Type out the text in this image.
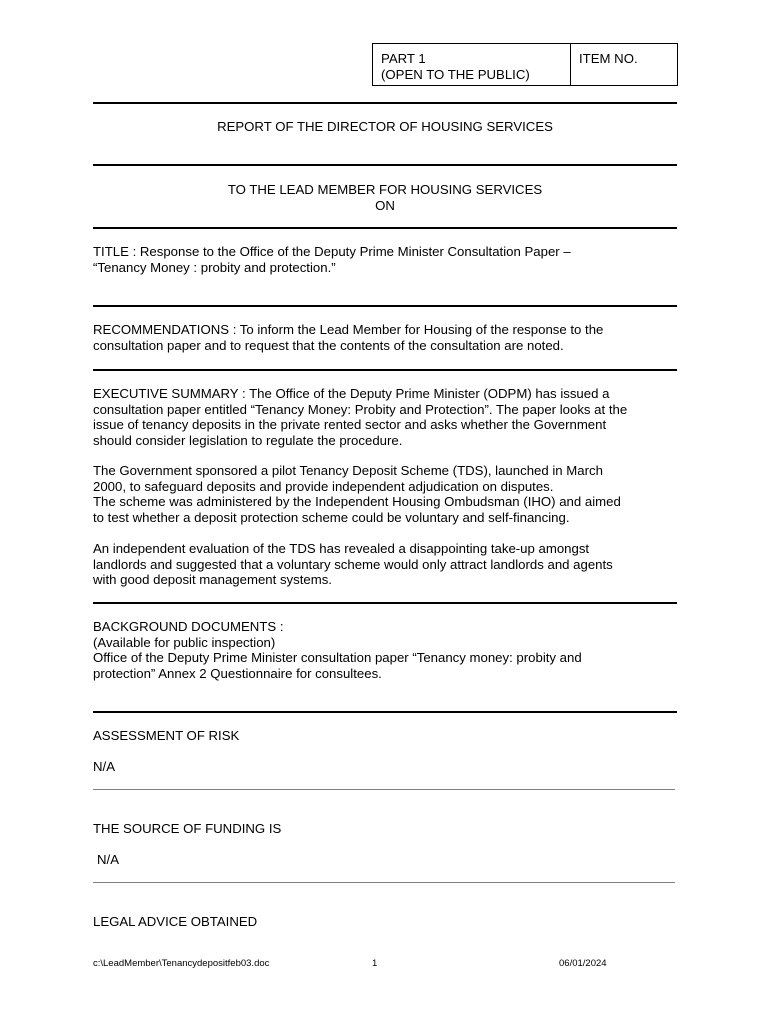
PART 1
(OPEN TO THE PUBLIC)
ITEM NO.
REPORT OF THE DIRECTOR OF HOUSING SERVICES
TO THE LEAD MEMBER FOR HOUSING SERVICES
ON
TITLE : Response to the Office of the Deputy Prime Minister Consultation Paper –
“Tenancy Money : probity and protection.”
RECOMMENDATIONS : To inform the Lead Member for Housing of the response to the
consultation paper and to request that the contents of the consultation are noted.
EXECUTIVE SUMMARY : The Office of the Deputy Prime Minister (ODPM) has issued a
consultation paper entitled “Tenancy Money: Probity and Protection”. The paper looks at the
issue of tenancy deposits in the private rented sector and asks whether the Government
should consider legislation to regulate the procedure.
The Government sponsored a pilot Tenancy Deposit Scheme (TDS), launched in March
2000, to safeguard deposits and provide independent adjudication on disputes.
The scheme was administered by the Independent Housing Ombudsman (IHO) and aimed
to test whether a deposit protection scheme could be voluntary and self-financing.
An independent evaluation of the TDS has revealed a disappointing take-up amongst
landlords and suggested that a voluntary scheme would only attract landlords and agents
with good deposit management systems.
BACKGROUND DOCUMENTS :
(Available for public inspection)
Office of the Deputy Prime Minister consultation paper “Tenancy money: probity and
protection” Annex 2 Questionnaire for consultees.
ASSESSMENT OF RISK
N/A
THE SOURCE OF FUNDING IS
N/A
LEGAL ADVICE OBTAINED
c:\LeadMember\Tenancydepositfeb03.doc	1	06/01/2024
